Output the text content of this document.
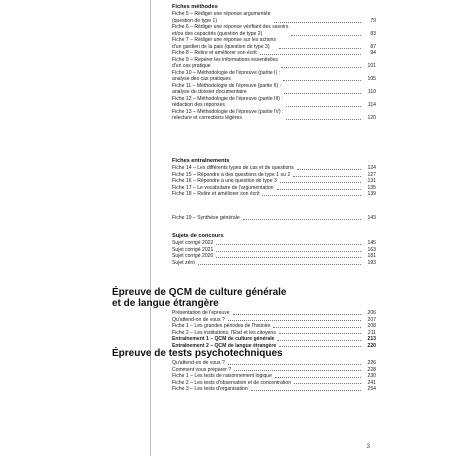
Fiches méthodes
Fiche 5 – Rédiger une réponse argumentée
(question de type 1)	79
Fiche 6 – Rédiger une réponse vérifiant des savoirs
et/ou des capacités (question de type 2)	83
Fiche 7 – Rédiger une réponse sur les actions
d'un gardien de la paix (question de type 3)	87
Fiche 8 – Relire et améliorer son écrit	94
Fiche 9 – Repérer les informations essentielles
d'un cas pratique	101
Fiche 10 – Méthodologie de l'épreuve (partie I) :
analyse des cas pratiques	105
Fiche 11 – Méthodologie de l'épreuve (partie II) :
analyse du dossier documentaire	110
Fiche 12 – Méthodologie de l'épreuve (partie III) :
rédaction des réponses	114
Fiche 13 – Méthodologie de l'épreuve (partie IV) :
relecture et corrections légères	120
Fiches entraînements
Fiche 14 – Les différents types de cas et de questions	124
Fiche 15 – Répondre à des questions de type 1 ou 2	127
Fiche 16 – Répondre à une question de type 3	131
Fiche 17 – Le vocabulaire de l'argumentation	135
Fiche 18 – Relire et améliorer son écrit	139
Fiche 19 – Synthèse générale	143
Sujets de concours
Sujet corrigé 2022	145
Sujet corrigé 2021	163
Sujet corrigé 2020	181
Sujet zéro	193
Épreuve de QCM de culture générale
et de langue étrangère
Présentation de l'épreuve	206
Qu'attend-on de vous ?	207
Fiche 1 – Les grandes périodes de l'histoire	208
Fiche 2 – Les institutions, l'État et les citoyens	211
Entraînement 1 – QCM de culture générale	213
Entraînement 2 – QCM de langue étrangère	220
Épreuve de tests psychotechniques
Qu'attend-on de vous ?	226
Comment vous préparer ?	228
Fiche 1 – Les tests de raisonnement logique	230
Fiche 2 – Les tests d'observation et de concentration	241
Fiche 3 – Les tests d'organisation	254
3
